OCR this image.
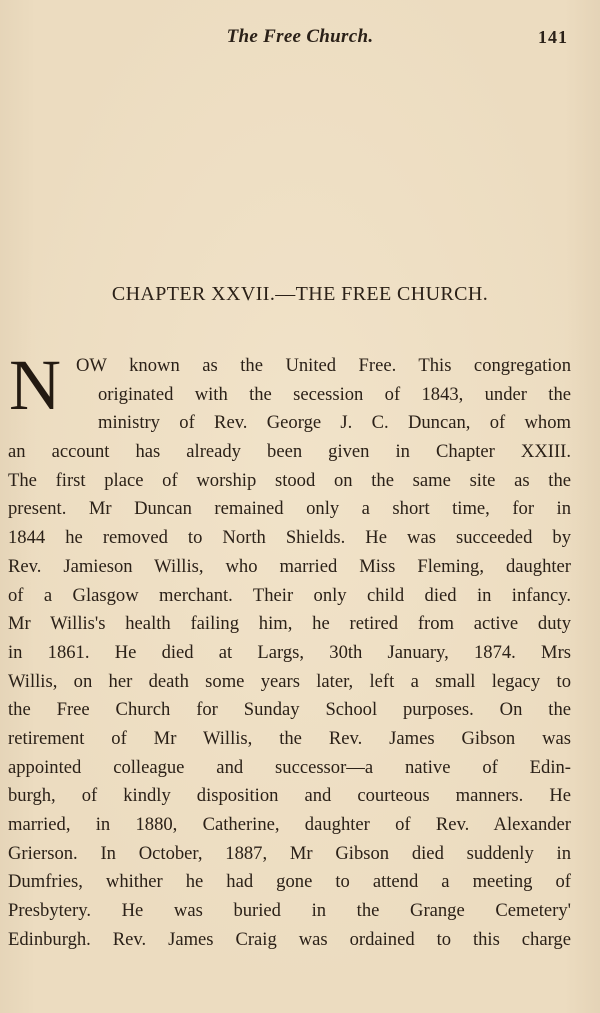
The Free Church.	141
CHAPTER XXVII.—THE FREE CHURCH.
N OW known as the United Free. This congregation
originated with the secession of 1843, under the
ministry of Rev. George J. C. Duncan, of whom
an account has already been given in Chapter XXIII.
The first place of worship stood on the same site as the
present. Mr Duncan remained only a short time, for in
1844 he removed to North Shields. He was succeeded by
Rev. Jamieson Willis, who married Miss Fleming, daughter
of a Glasgow merchant. Their only child died in infancy.
Mr Willis's health failing him, he retired from active duty
in 1861. He died at Largs, 30th January, 1874. Mrs
Willis, on her death some years later, left a small legacy to
the Free Church for Sunday School purposes. On the
retirement of Mr Willis, the Rev. James Gibson was
appointed colleague and successor—a native of Edin-
burgh, of kindly disposition and courteous manners. He
married, in 1880, Catherine, daughter of Rev. Alexander
Grierson. In October, 1887, Mr Gibson died suddenly in
Dumfries, whither he had gone to attend a meeting of
Presbytery. He was buried in the Grange Cemetery'
Edinburgh. Rev. James Craig was ordained to this charge
